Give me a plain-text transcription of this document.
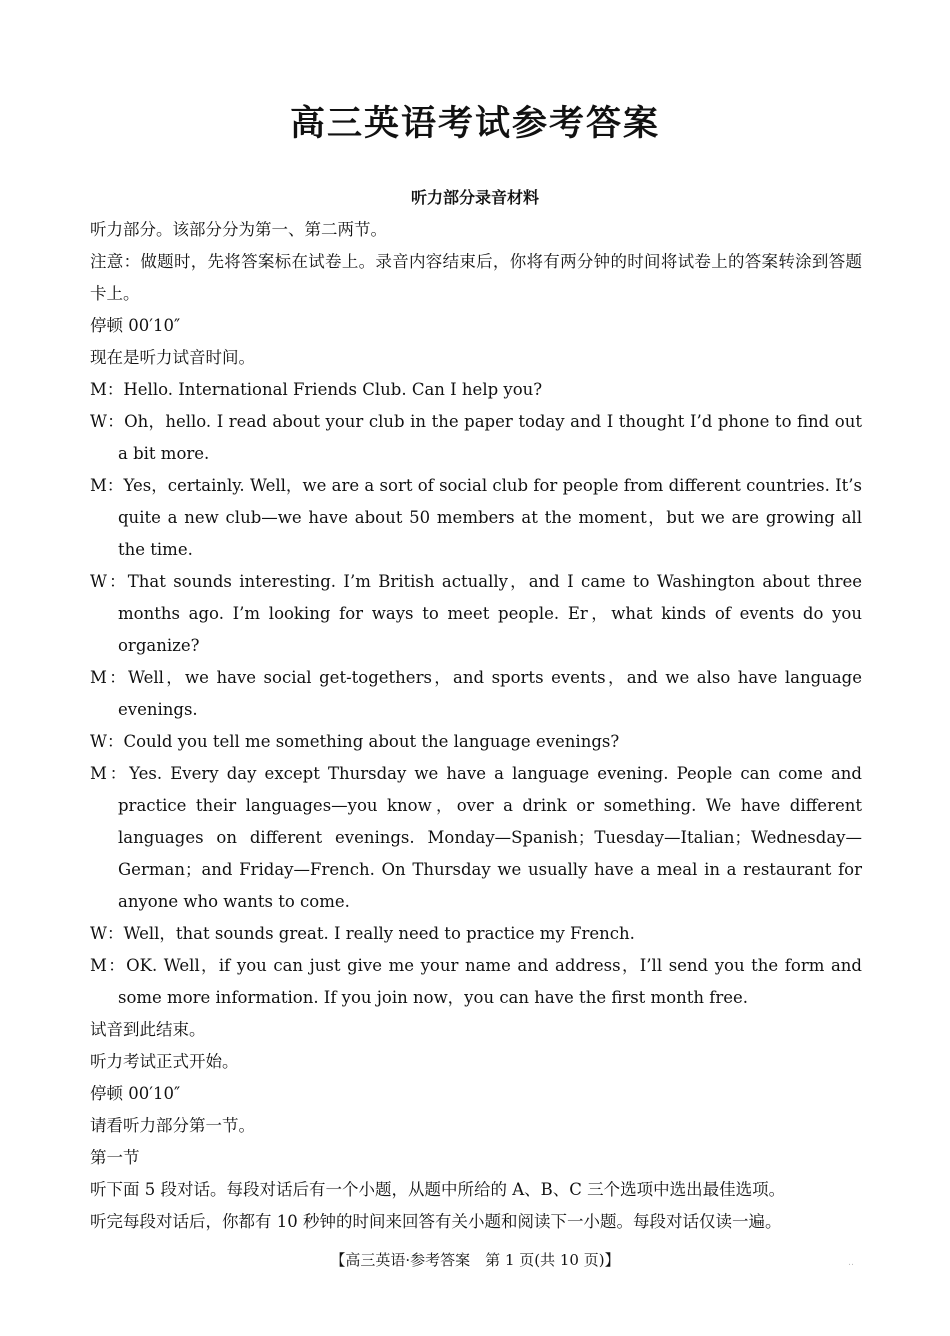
高三英语考试参考答案
听力部分录音材料

听力部分。该部分分为第一、第二两节。

注意：做题时，先将答案标在试卷上。录音内容结束后，你将有两分钟的时间将试卷上的答案转涂到答题卡上。

停顿 00′10″

现在是听力试音时间。

M：Hello. International Friends Club. Can I help you?

W：Oh，hello. I read about your club in the paper today and I thought I’d phone to find out a bit more.

M：Yes，certainly. Well，we are a sort of social club for people from different countries. It’s quite a new club—we have about 50 members at the moment，but we are growing all the time.

W：That sounds interesting. I’m British actually，and I came to Washington about three months ago. I’m looking for ways to meet people. Er，what kinds of events do you organize?

M：Well，we have social get-togethers，and sports events，and we also have language evenings.

W：Could you tell me something about the language evenings?

M：Yes. Every day except Thursday we have a language evening. People can come and practice their languages—you know，over a drink or something. We have different languages on different evenings. Monday—Spanish；Tuesday—Italian；Wednesday—German；and Friday—French. On Thursday we usually have a meal in a restaurant for anyone who wants to come.

W：Well，that sounds great. I really need to practice my French.

M：OK. Well，if you can just give me your name and address，I’ll send you the form and some more information. If you join now，you can have the first month free.

试音到此结束。

听力考试正式开始。

停顿 00′10″

请看听力部分第一节。

第一节

听下面 5 段对话。每段对话后有一个小题，从题中所给的 A、B、C 三个选项中选出最佳选项。

听完每段对话后，你都有 10 秒钟的时间来回答有关小题和阅读下一小题。每段对话仅读一遍。

【高三英语·参考答案　第 1 页(共 10 页)】	‥
